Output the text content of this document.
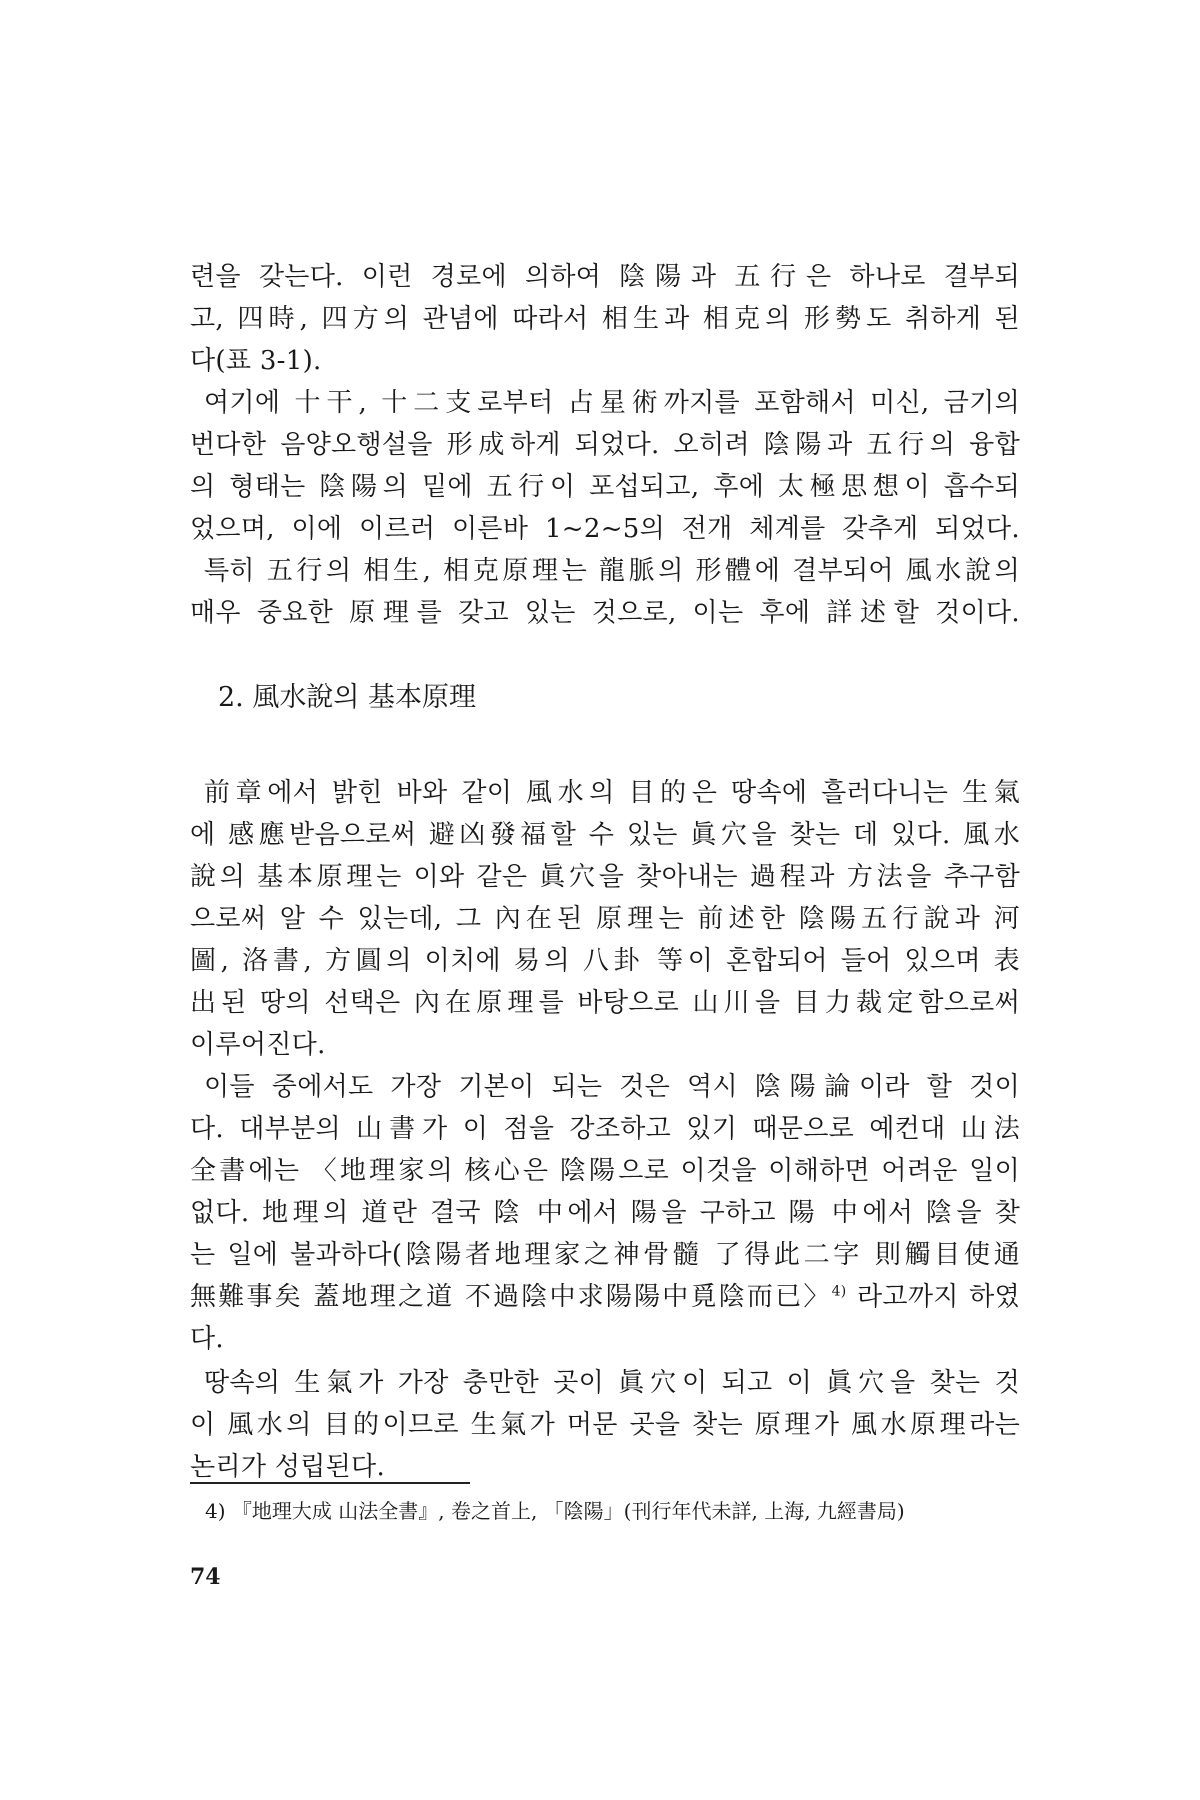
련을 갖는다. 이런 경로에 의하여 陰陽과 五行은 하나로 결부되
고, 四時, 四方의 관념에 따라서 相生과 相克의 形勢도 취하게 된
다(표 3-1).
여기에 十干, 十二支로부터 占星術까지를 포함해서 미신, 금기의
번다한 음양오행설을 形成하게 되었다. 오히려 陰陽과 五行의 융합
의 형태는 陰陽의 밑에 五行이 포섭되고, 후에 太極思想이 흡수되
었으며, 이에 이르러 이른바 1~2~5의 전개 체계를 갖추게 되었다.
특히 五行의 相生, 相克原理는 龍脈의 形體에 결부되어 風水說의
매우 중요한 原理를 갖고 있는 것으로, 이는 후에 詳述할 것이다.
2. 風水說의 基本原理
前章에서 밝힌 바와 같이 風水의 目的은 땅속에 흘러다니는 生氣
에 感應받음으로써 避凶發福할 수 있는 眞穴을 찾는 데 있다. 風水
說의 基本原理는 이와 같은 眞穴을 찾아내는 過程과 方法을 추구함
으로써 알 수 있는데, 그 內在된 原理는 前述한 陰陽五行說과 河
圖, 洛書, 方圓의 이치에 易의 八卦 等이 혼합되어 들어 있으며 表
出된 땅의 선택은 內在原理를 바탕으로 山川을 目力裁定함으로써
이루어진다.
이들 중에서도 가장 기본이 되는 것은 역시 陰陽論이라 할 것이
다. 대부분의 山書가 이 점을 강조하고 있기 때문으로 예컨대 山法
全書에는 〈地理家의 核心은 陰陽으로 이것을 이해하면 어려운 일이
없다. 地理의 道란 결국 陰 中에서 陽을 구하고 陽 中에서 陰을 찾
는 일에 불과하다(陰陽者地理家之神骨髓 了得此二字 則觸目使通
無難事矣 蓋地理之道 不過陰中求陽陽中覓陰而已〉$^{4)}$ 라고까지 하였
다.
땅속의 生氣가 가장 충만한 곳이 眞穴이 되고 이 眞穴을 찾는 것
이 風水의 目的이므로 生氣가 머문 곳을 찾는 原理가 風水原理라는
논리가 성립된다.
4) 『地理大成 山法全書』, 卷之首上, 「陰陽」(刊行年代未詳, 上海, 九經書局)
74
